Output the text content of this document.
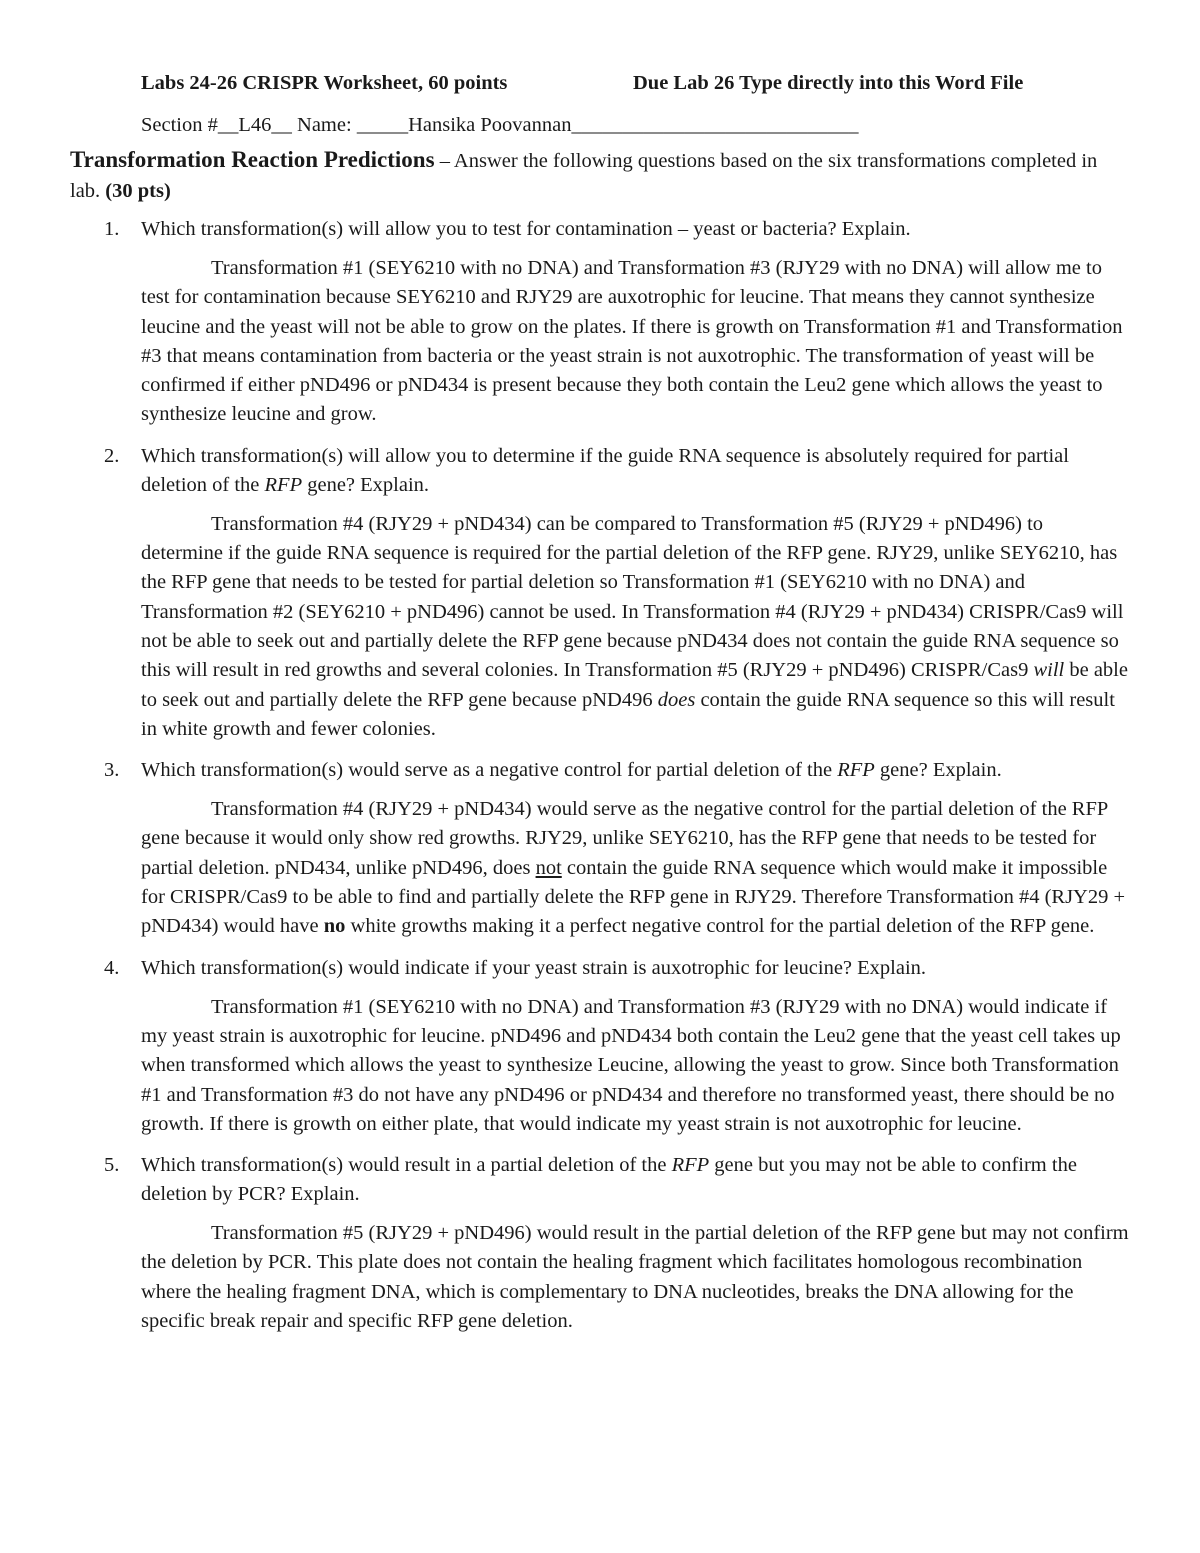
Labs 24-26 CRISPR Worksheet, 60 points	Due Lab 26 Type directly into this Word File
Section #__L46__ Name: _____Hansika Poovannan____________________________
Transformation Reaction Predictions – Answer the following questions based on the six transformations completed in lab. (30 pts)
1. Which transformation(s) will allow you to test for contamination – yeast or bacteria? Explain.
Transformation #1 (SEY6210 with no DNA) and Transformation #3 (RJY29 with no DNA) will allow me to test for contamination because SEY6210 and RJY29 are auxotrophic for leucine. That means they cannot synthesize leucine and the yeast will not be able to grow on the plates. If there is growth on Transformation #1 and Transformation #3 that means contamination from bacteria or the yeast strain is not auxotrophic. The transformation of yeast will be confirmed if either pND496 or pND434 is present because they both contain the Leu2 gene which allows the yeast to synthesize leucine and grow.
2. Which transformation(s) will allow you to determine if the guide RNA sequence is absolutely required for partial deletion of the RFP gene? Explain.
Transformation #4 (RJY29 + pND434) can be compared to Transformation #5 (RJY29 + pND496) to determine if the guide RNA sequence is required for the partial deletion of the RFP gene. RJY29, unlike SEY6210, has the RFP gene that needs to be tested for partial deletion so Transformation #1 (SEY6210 with no DNA) and Transformation #2 (SEY6210 + pND496) cannot be used. In Transformation #4 (RJY29 + pND434) CRISPR/Cas9 will not be able to seek out and partially delete the RFP gene because pND434 does not contain the guide RNA sequence so this will result in red growths and several colonies. In Transformation #5 (RJY29 + pND496) CRISPR/Cas9 will be able to seek out and partially delete the RFP gene because pND496 does contain the guide RNA sequence so this will result in white growth and fewer colonies.
3. Which transformation(s) would serve as a negative control for partial deletion of the RFP gene? Explain.
Transformation #4 (RJY29 + pND434) would serve as the negative control for the partial deletion of the RFP gene because it would only show red growths. RJY29, unlike SEY6210, has the RFP gene that needs to be tested for partial deletion. pND434, unlike pND496, does not contain the guide RNA sequence which would make it impossible for CRISPR/Cas9 to be able to find and partially delete the RFP gene in RJY29. Therefore Transformation #4 (RJY29 + pND434) would have no white growths making it a perfect negative control for the partial deletion of the RFP gene.
4. Which transformation(s) would indicate if your yeast strain is auxotrophic for leucine? Explain.
Transformation #1 (SEY6210 with no DNA) and Transformation #3 (RJY29 with no DNA) would indicate if my yeast strain is auxotrophic for leucine. pND496 and pND434 both contain the Leu2 gene that the yeast cell takes up when transformed which allows the yeast to synthesize Leucine, allowing the yeast to grow. Since both Transformation #1 and Transformation #3 do not have any pND496 or pND434 and therefore no transformed yeast, there should be no growth. If there is growth on either plate, that would indicate my yeast strain is not auxotrophic for leucine.
5. Which transformation(s) would result in a partial deletion of the RFP gene but you may not be able to confirm the deletion by PCR? Explain.
Transformation #5 (RJY29 + pND496) would result in the partial deletion of the RFP gene but may not confirm the deletion by PCR. This plate does not contain the healing fragment which facilitates homologous recombination where the healing fragment DNA, which is complementary to DNA nucleotides, breaks the DNA allowing for the specific break repair and specific RFP gene deletion.
